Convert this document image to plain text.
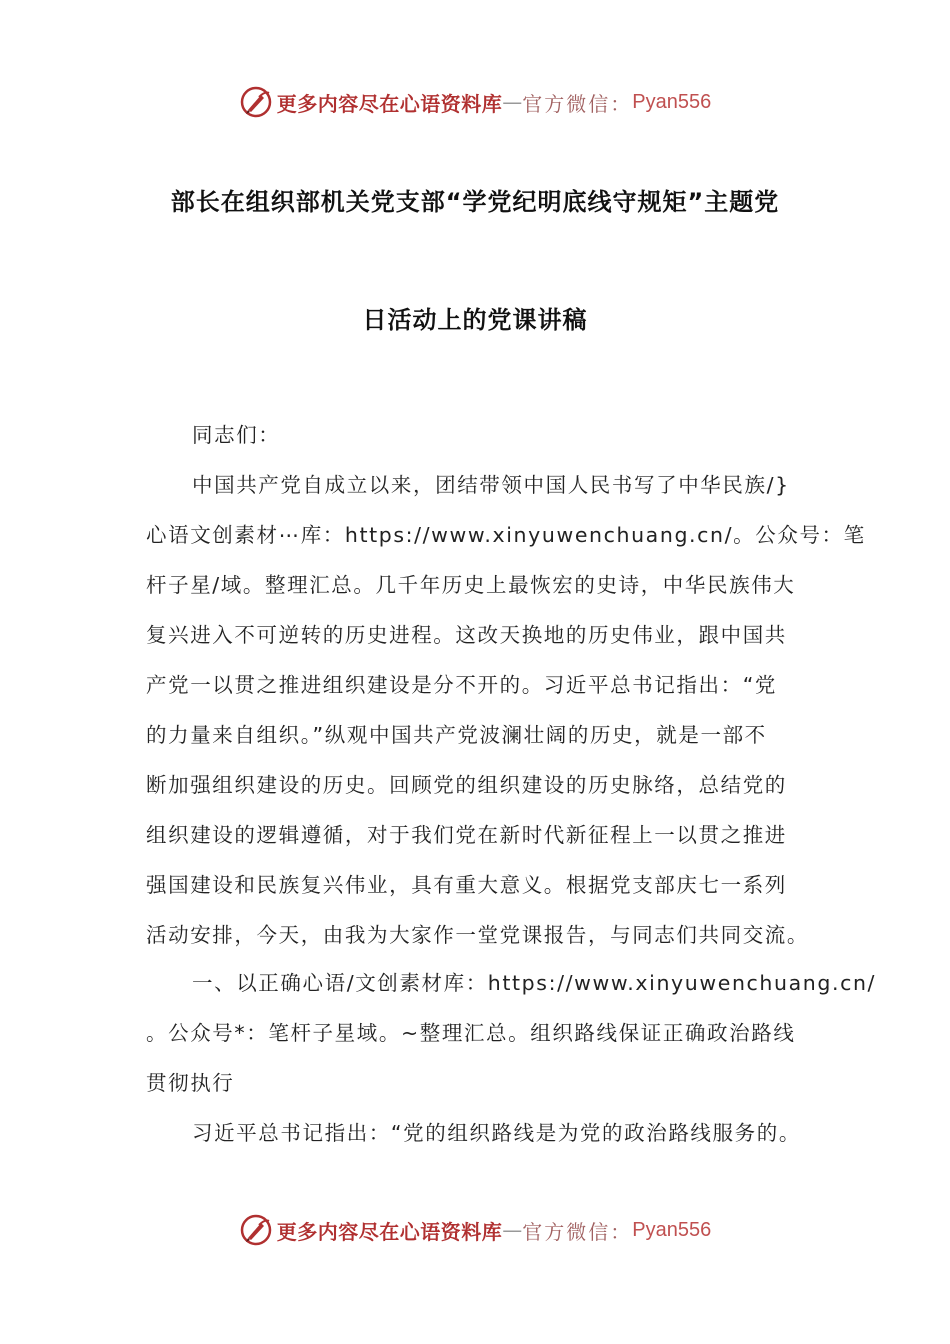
更多内容尽在心语资料库 — 官方微信： Pyan556
部长在组织部机关党支部“学党纪明底线守规矩”主题党
日活动上的党课讲稿
同志们：
中国共产党自成立以来，团结带领中国人民书写了中华民族/}
心语文创素材⋯库：https://www.xinyuwenchuang.cn/。公众号：笔
杆子星/域。整理汇总。几千年历史上最恢宏的史诗，中华民族伟大
复兴进入不可逆转的历史进程。这改天换地的历史伟业，跟中国共
产党一以贯之推进组织建设是分不开的。习近平总书记指出：“党
的力量来自组织。”纵观中国共产党波澜壮阔的历史，就是一部不
断加强组织建设的历史。回顾党的组织建设的历史脉络，总结党的
组织建设的逻辑遵循，对于我们党在新时代新征程上一以贯之推进
强国建设和民族复兴伟业，具有重大意义。根据党支部庆七一系列
活动安排，今天，由我为大家作一堂党课报告，与同志们共同交流。
一、以正确心语/文创素材库：https://www.xinyuwenchuang.cn/
。公众号*：笔杆子星域。~整理汇总。组织路线保证正确政治路线
贯彻执行
习近平总书记指出：“党的组织路线是为党的政治路线服务的。
更多内容尽在心语资料库 — 官方微信： Pyan556
